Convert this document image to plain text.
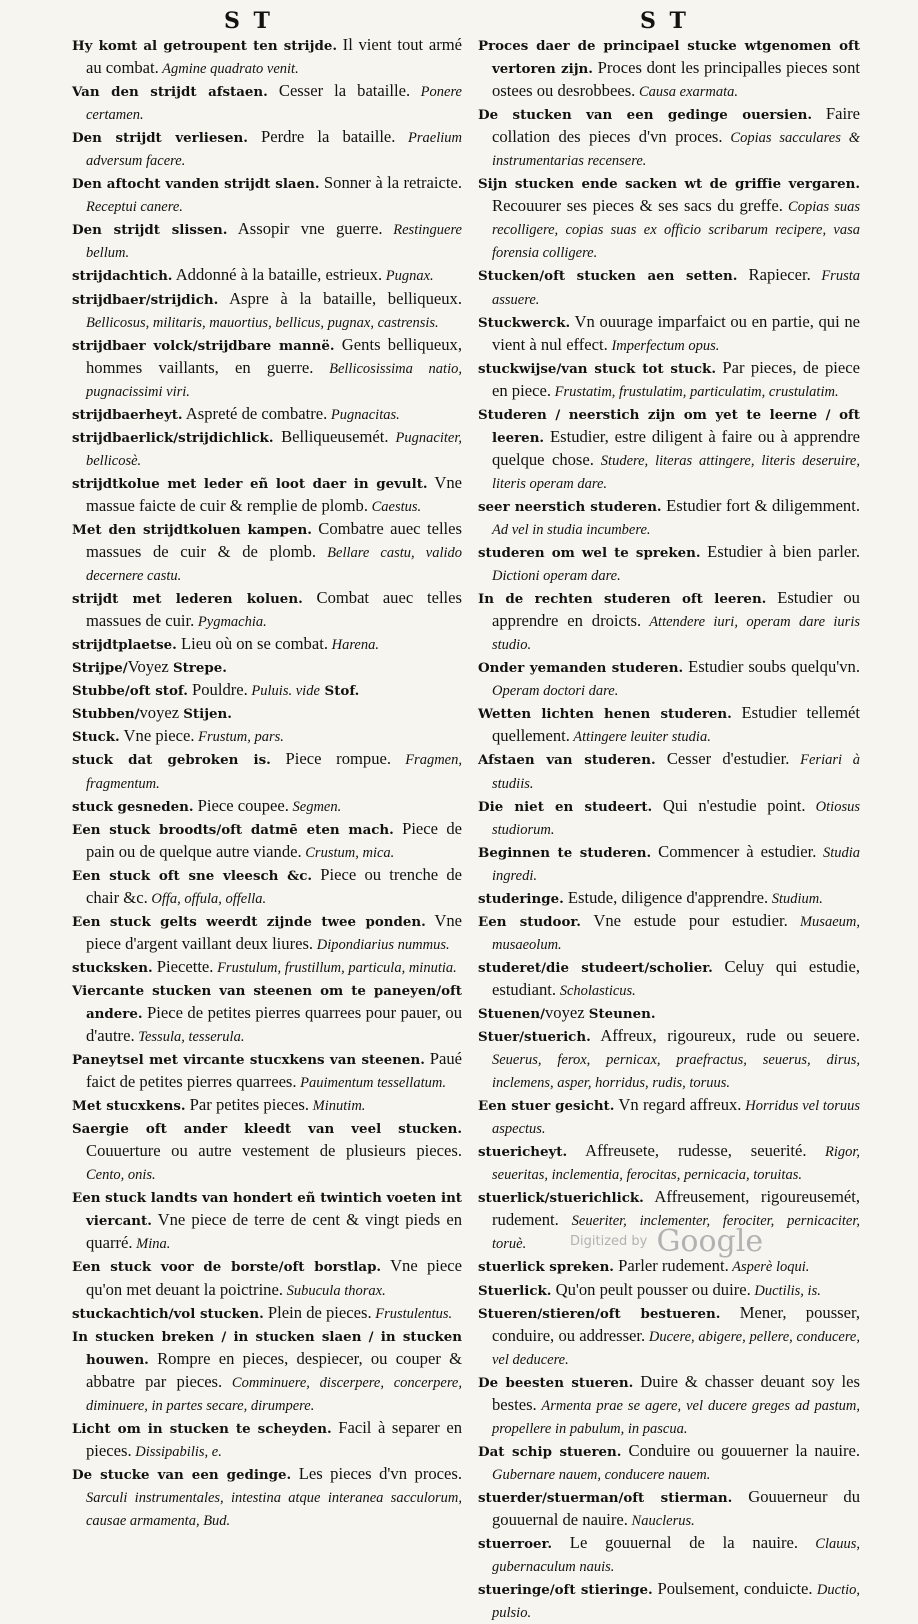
S T	S T
Hy komt al getroupent ten strijde. Il vient tout armé au combat. Agmine quadrato venit.
Van den strijdt afstaen. Cesser la bataille. Ponere certamen.
Den strijdt verliesen. Perdre la bataille. Praelium adversum facere.
Den aftocht vanden strijdt slaen. Sonner à la retraicte. Receptui canere.
Den strijdt slissen. Assopir vne guerre. Restinguere bellum.
strijdachtich. Addonné à la bataille, estrieux. Pugnax.
strijdbaer/strijdich. Aspre à la bataille, belliqueux. Bellicosus, militaris, mauortius, bellicus, pugnax, castrensis.
strijdbaer volck/strijdbare mannë. Gents belliqueux, hommes vaillants, en guerre. Bellicosissima natio, pugnacissimi viri.
strijdbaerheyt. Aspreté de combatre. Pugnacitas.
strijdbaerlick/strijdichlick. Belliqueusemét. Pugnaciter, bellicosè.
strijdtkolue met leder eñ loot daer in gevult. Vne massue faicte de cuir & remplie de plomb. Caestus.
Met den strijdtkoluen kampen. Combatre auec telles massues de cuir & de plomb. Bellare castu, valido decernere castu.
strijdt met lederen koluen. Combat auec telles massues de cuir. Pygmachia.
strijdtplaetse. Lieu où on se combat. Harena.
Strijpe/Voyez Strepe.
Stubbe/oft stof. Pouldre. Puluis. vide Stof.
Stubben/voyez Stijen.
Stuck. Vne piece. Frustum, pars.
stuck dat gebroken is. Piece rompue. Fragmen, fragmentum.
stuck gesneden. Piece coupee. Segmen.
Een stuck broodts/oft datmē eten mach. Piece de pain ou de quelque autre viande. Crustum, mica.
Een stuck oft sne vleesch &c. Piece ou trenche de chair &c. Offa, offula, offella.
Een stuck gelts weerdt zijnde twee ponden. Vne piece d'argent vaillant deux liures. Dipondiarius nummus.
stucksken. Piecette. Frustulum, frustillum, particula, minutia.
Viercante stucken van steenen om te paneyen/oft andere. Piece de petites pierres quarrees pour pauer, ou d'autre. Tessula, tesserula.
Paneytsel met vircante stucxkens van steenen. Paué faict de petites pierres quarrees. Pauimentum tessellatum.
Met stucxkens. Par petites pieces. Minutim.
Saergie oft ander kleedt van veel stucken. Couuerture ou autre vestement de plusieurs pieces. Cento, onis.
Een stuck landts van hondert eñ twintich voeten int viercant. Vne piece de terre de cent & vingt pieds en quarré. Mina.
Een stuck voor de borste/oft borstlap. Vne piece qu'on met deuant la poictrine. Subucula thorax.
stuckachtich/vol stucken. Plein de pieces. Frustulentus.
In stucken breken / in stucken slaen / in stucken houwen. Rompre en pieces, despiecer, ou couper & abbatre par pieces. Comminuere, discerpere, concerpere, diminuere, in partes secare, dirumpere.
Licht om in stucken te scheyden. Facil à separer en pieces. Dissipabilis, e.
De stucke van een gedinge. Les pieces d'vn proces. Sarculi instrumentales, intestina atque interanea sacculorum, causae armamenta, Bud.
Proces daer de principael stucke wtgenomen oft vertoren zijn. Proces dont les principalles pieces sont ostees ou desrobbees. Causa exarmata.
De stucken van een gedinge ouersien. Faire collation des pieces d'vn proces. Copias sacculares & instrumentarias recensere.
Sijn stucken ende sacken wt de griffie vergaren. Recouurer ses pieces & ses sacs du greffe. Copias suas recolligere, copias suas ex officio scribarum recipere, vasa forensia colligere.
Stucken/oft stucken aen setten. Rapiecer. Frusta assuere.
Stuckwerck. Vn ouurage imparfaict ou en partie, qui ne vient à nul effect. Imperfectum opus.
stuckwijse/van stuck tot stuck. Par pieces, de piece en piece. Frustatim, frustulatim, particulatim, crustulatim.
Studeren / neerstich zijn om yet te leerne / oft leeren. Estudier, estre diligent à faire ou à apprendre quelque chose. Studere, literas attingere, literis deseruire, literis operam dare.
seer neerstich studeren. Estudier fort & diligemment. Ad vel in studia incumbere.
studeren om wel te spreken. Estudier à bien parler. Dictioni operam dare.
In de rechten studeren oft leeren. Estudier ou apprendre en droicts. Attendere iuri, operam dare iuris studio.
Onder yemanden studeren. Estudier soubs quelqu'vn. Operam doctori dare.
Wetten lichten henen studeren. Estudier tellemét quellement. Attingere leuiter studia.
Afstaen van studeren. Cesser d'estudier. Feriari à studiis.
Die niet en studeert. Qui n'estudie point. Otiosus studiorum.
Beginnen te studeren. Commencer à estudier. Studia ingredi.
studeringe. Estude, diligence d'apprendre. Studium.
Een studoor. Vne estude pour estudier. Musaeum, musaeolum.
studeret/die studeert/scholier. Celuy qui estudie, estudiant. Scholasticus.
Stuenen/voyez Steunen.
Stuer/stuerich. Affreux, rigoureux, rude ou seuere. Seuerus, ferox, pernicax, praefractus, seuerus, dirus, inclemens, asper, horridus, rudis, toruus.
Een stuer gesicht. Vn regard affreux. Horridus vel toruus aspectus.
stuericheyt. Affreusete, rudesse, seuerité. Rigor, seueritas, inclementia, ferocitas, pernicacia, toruitas.
stuerlick/stuerichlick. Affreusement, rigoureusemét, rudement. Seueriter, inclementer, ferociter, pernicaciter, toruè.
stuerlick spreken. Parler rudement. Asperè loqui.
Stuerlick. Qu'on peult pousser ou duire. Ductilis, is.
Stueren/stieren/oft bestueren. Mener, pousser, conduire, ou addresser. Ducere, abigere, pellere, conducere, vel deducere.
De beesten stueren. Duire & chasser deuant soy les bestes. Armenta prae se agere, vel ducere greges ad pastum, propellere in pabulum, in pascua.
Dat schip stueren. Conduire ou gouuerner la nauire. Gubernare nauem, conducere nauem.
stuerder/stuerman/oft stierman. Gouuerneur du gouuernal de nauire. Nauclerus.
stuerroer. Le gouuernal de la nauire. Clauus, gubernaculum nauis.
stueringe/oft stieringe. Poulsement, conduicte. Ductio, pulsio.
Digitized by Google
